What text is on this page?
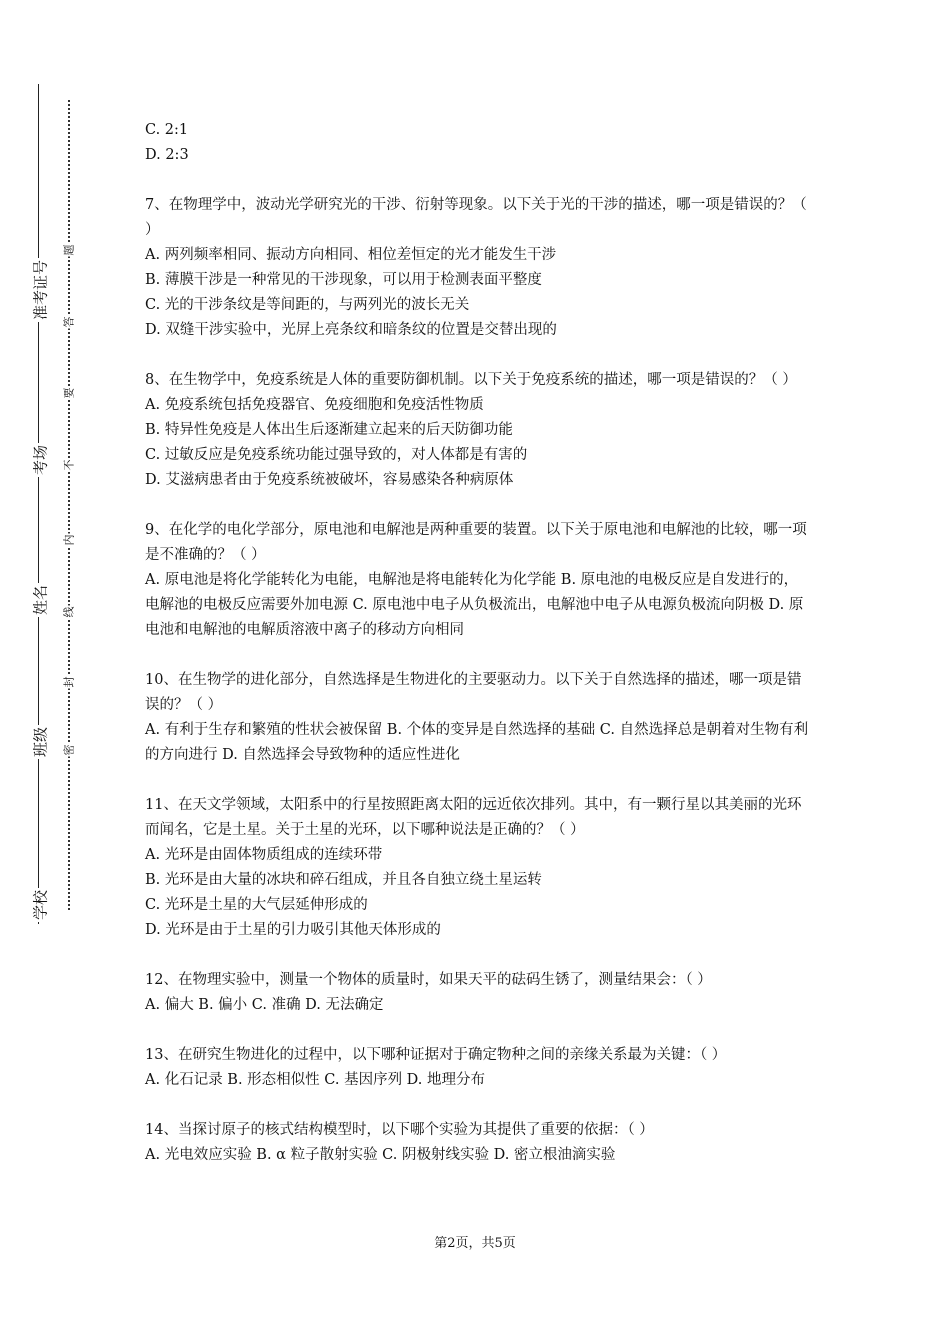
学校
班级
姓名
考场
准考证号
密
封
线
内
不
要
答
题

C. 2:1

D. 2:3

7、在物理学中，波动光学研究光的干涉、衍射等现象。以下关于光的干涉的描述，哪一项是错误的？（ ）

A. 两列频率相同、振动方向相同、相位差恒定的光才能发生干涉

B. 薄膜干涉是一种常见的干涉现象，可以用于检测表面平整度

C. 光的干涉条纹是等间距的，与两列光的波长无关

D. 双缝干涉实验中，光屏上亮条纹和暗条纹的位置是交替出现的

8、在生物学中，免疫系统是人体的重要防御机制。以下关于免疫系统的描述，哪一项是错误的？（ ）

A. 免疫系统包括免疫器官、免疫细胞和免疫活性物质

B. 特异性免疫是人体出生后逐渐建立起来的后天防御功能

C. 过敏反应是免疫系统功能过强导致的，对人体都是有害的

D. 艾滋病患者由于免疫系统被破坏，容易感染各种病原体

9、在化学的电化学部分，原电池和电解池是两种重要的装置。以下关于原电池和电解池的比较，哪一项是不准确的？（ ）

A. 原电池是将化学能转化为电能，电解池是将电能转化为化学能 B. 原电池的电极反应是自发进行的，电解池的电极反应需要外加电源 C. 原电池中电子从负极流出，电解池中电子从电源负极流向阴极 D. 原电池和电解池的电解质溶液中离子的移动方向相同

10、在生物学的进化部分，自然选择是生物进化的主要驱动力。以下关于自然选择的描述，哪一项是错误的？（ ）

A. 有利于生存和繁殖的性状会被保留 B. 个体的变异是自然选择的基础 C. 自然选择总是朝着对生物有利的方向进行 D. 自然选择会导致物种的适应性进化

11、在天文学领域，太阳系中的行星按照距离太阳的远近依次排列。其中，有一颗行星以其美丽的光环而闻名，它是土星。关于土星的光环，以下哪种说法是正确的？（ ）

A. 光环是由固体物质组成的连续环带

B. 光环是由大量的冰块和碎石组成，并且各自独立绕土星运转

C. 光环是土星的大气层延伸形成的

D. 光环是由于土星的引力吸引其他天体形成的

12、在物理实验中，测量一个物体的质量时，如果天平的砝码生锈了，测量结果会：（ ）

A. 偏大 B. 偏小 C. 准确 D. 无法确定

13、在研究生物进化的过程中，以下哪种证据对于确定物种之间的亲缘关系最为关键：（ ）

A. 化石记录 B. 形态相似性 C. 基因序列 D. 地理分布

14、当探讨原子的核式结构模型时，以下哪个实验为其提供了重要的依据：（ ）

A. 光电效应实验 B. α 粒子散射实验 C. 阴极射线实验 D. 密立根油滴实验

第2页，共5页
